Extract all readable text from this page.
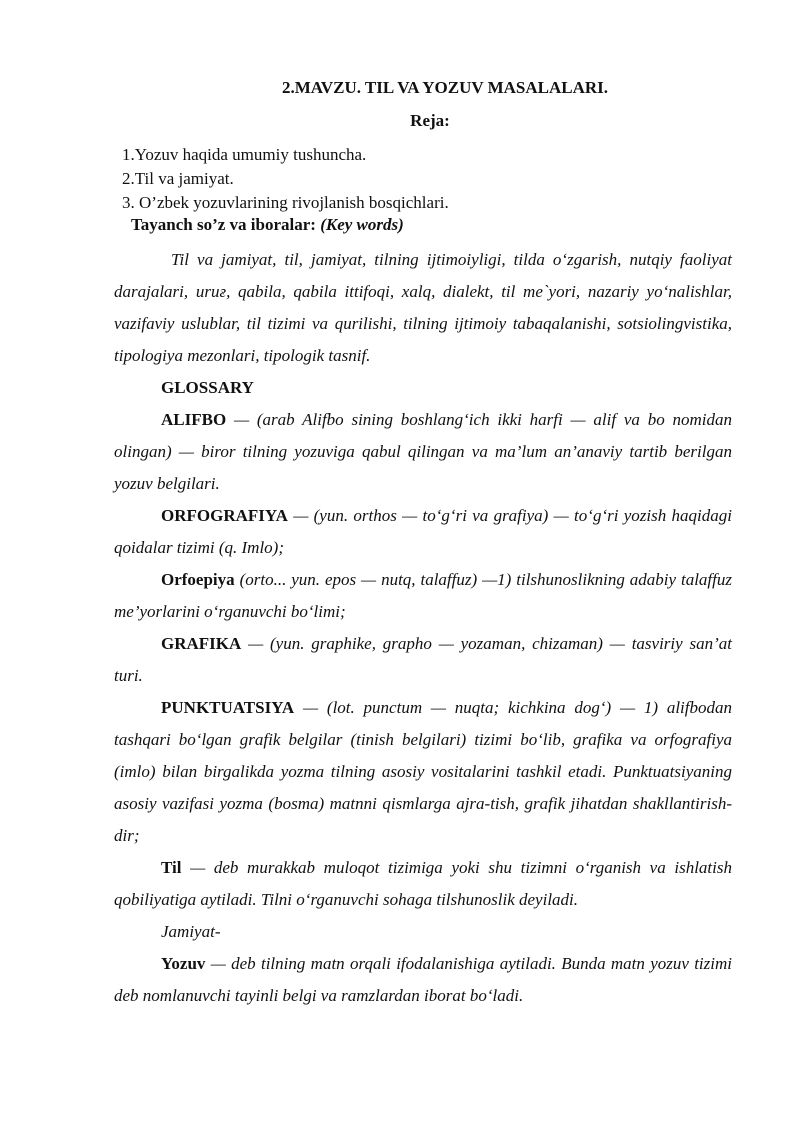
2.MAVZU. TIL VA YOZUV MASALALARI.
Reja:
1.Yozuv haqida umumiy tushuncha.
2.Til va jamiyat.
3. O’zbek yozuvlarining rivojlanish bosqichlari.
Tayanch so’z va iboralar: (Key words)

Til va jamiyat, til, jamiyat, tilning ijtimoiyligi, tilda o‘zgarish, nutqiy faoliyat darajalari, uruғ, qabila, qabila ittifoqi, xalq, dialekt, til me`yori, nazariy yo‘nalishlar, vazifaviy uslublar, til tizimi va qurilishi, tilning ijtimoiy tabaqalanishi, sotsiolingvistika, tipologiya mezonlari, tipologik tasnif.

GLOSSARY

ALIFBO — (arab Alifbo sining boshlang‘ich ikki harfi — alif va bo nomidan olingan) — biror tilning yozuviga qabul qilingan va ma’lum an’anaviy tartib berilgan yozuv belgilari.

ORFOGRAFIYA — (yun. orthos — to‘g‘ri va grafiya) — to‘g‘ri yozish haqidagi qoidalar tizimi (q. Imlo);

Orfoepiya (orto... yun. epos — nutq, talaffuz) —1) tilshunoslikning adabiy talaffuz me’yorlarini o‘rganuvchi bo‘limi;

GRAFIKA — (yun. graphike, grapho — yozaman, chizaman) — tasviriy san’at turi.

PUNKTUATSIYA — (lot. punctum — nuqta; kichkina dog‘) — 1) alifbodan tashqari bo‘lgan grafik belgilar (tinish belgilari) tizimi bo‘lib, grafika va orfografiya (imlo) bilan birgalikda yozma tilning asosiy vositalarini tashkil etadi. Punktuatsiyaning asosiy vazifasi yozma (bosma) matnni qismlarga ajra-tish, grafik jihatdan shakllantirish-dir;

Til — deb murakkab muloqot tizimiga yoki shu tizimni o‘rganish va ishlatish qobiliyatiga aytiladi. Tilni o‘rganuvchi sohaga tilshunoslik deyiladi.

Jamiyat-

Yozuv — deb tilning matn orqali ifodalanishiga aytiladi. Bunda matn yozuv tizimi deb nomlanuvchi tayinli belgi va ramzlardan iborat bo‘ladi.
